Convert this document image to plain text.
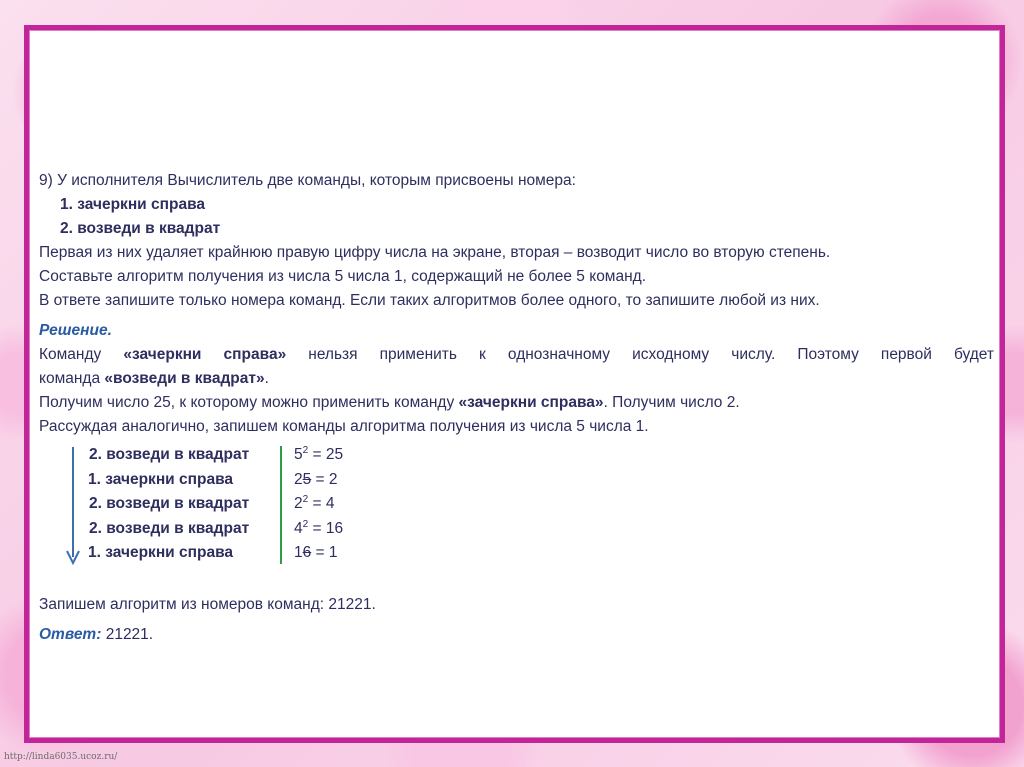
9) У исполнителя Вычислитель две команды, которым присвоены номера:
1. зачеркни справа
2. возведи в квадрат
Первая из них удаляет крайнюю правую цифру числа на экране, вторая – возводит число во вторую степень.
Составьте алгоритм получения из числа 5 числа 1, содержащий не более 5 команд.
В ответе запишите только номера команд. Если таких алгоритмов более одного, то запишите любой из них.
Решение.
Команду «зачеркни справа» нельзя применить к однозначному исходному числу. Поэтому первой будет
команда «возведи в квадрат».
Получим число 25, к которому можно применить команду «зачеркни справа». Получим число 2.
Рассуждая аналогично, запишем команды алгоритма получения из числа 5 числа 1.
2. возведи в квадрат
1. зачеркни справа
2. возведи в квадрат
2. возведи в квадрат
1. зачеркни справа
$5^2 = 25$
25 = 2
$2^2 = 4$
$4^2 = 16$
16 = 1
Запишем алгоритм из номеров команд: 21221.
Ответ: 21221.
http://linda6035.ucoz.ru/
